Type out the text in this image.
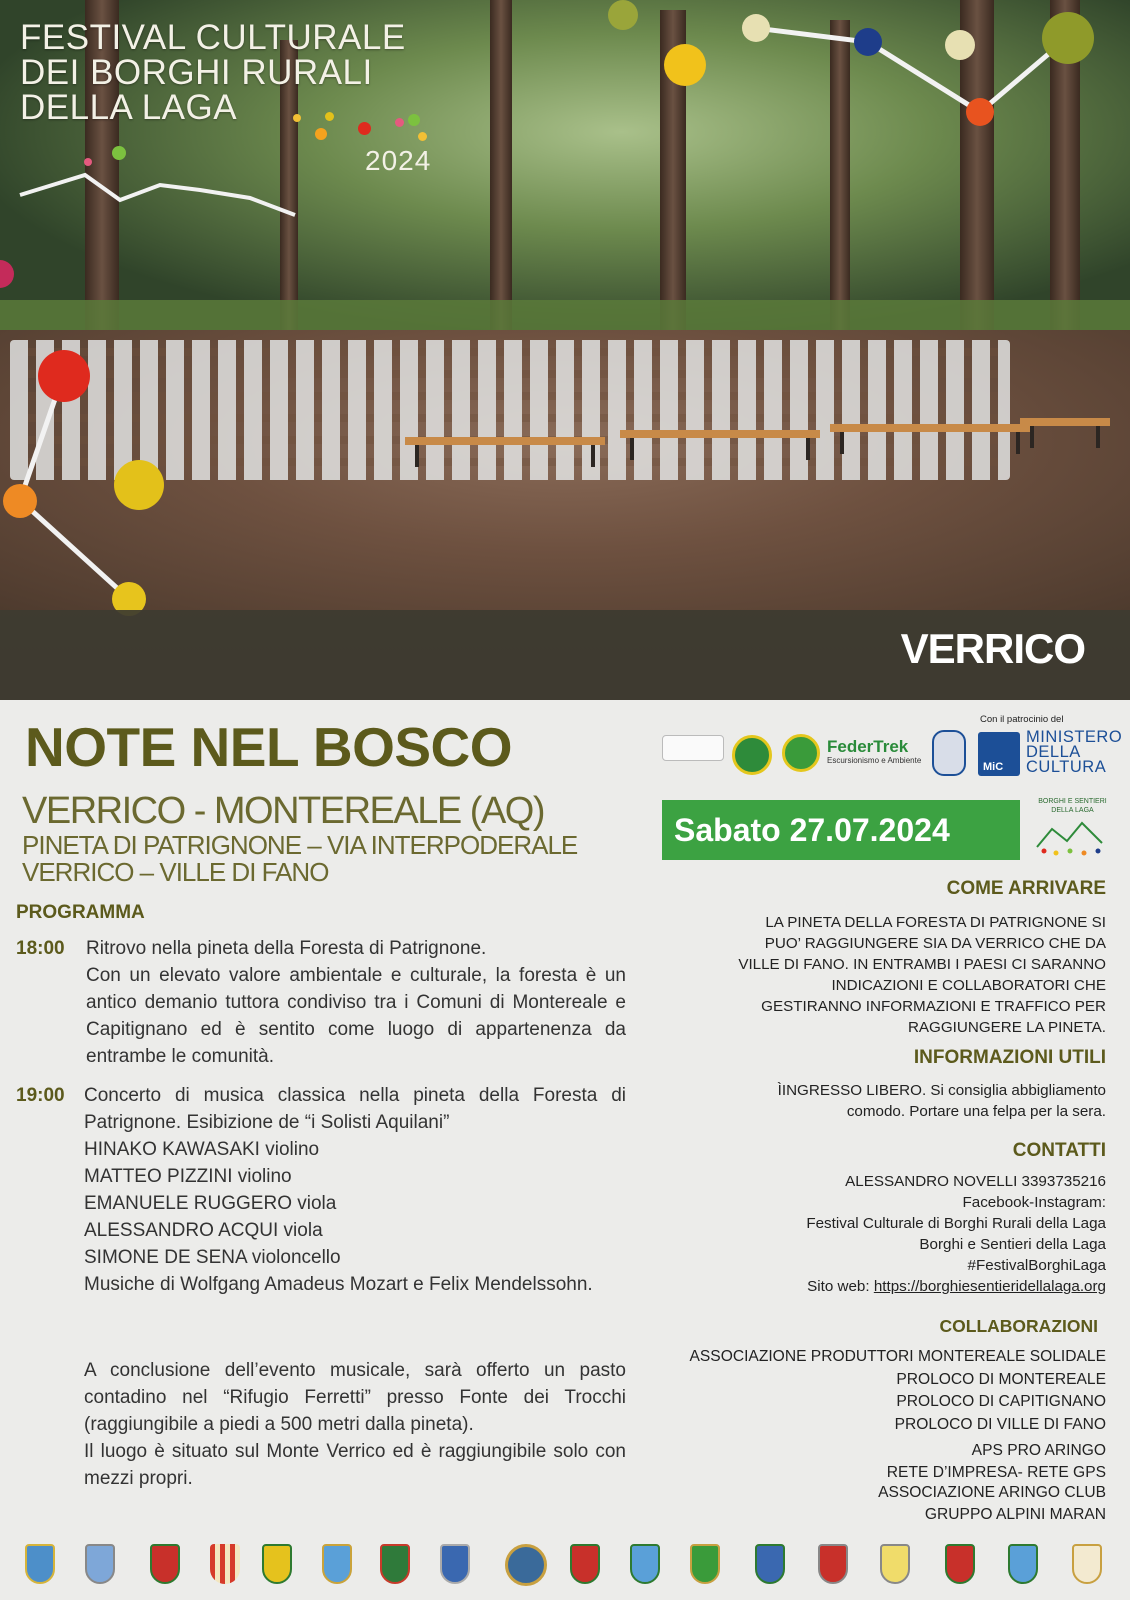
FESTIVAL CULTURALE
DEI BORGHI RURALI
DELLA LAGA
2024
VERRICO
NOTE NEL BOSCO
VERRICO - MONTEREALE (AQ)
PINETA DI PATRIGNONE – VIA INTERPODERALE
VERRICO – VILLE DI FANO
PROGRAMMA
18:00 Ritrovo nella pineta della Foresta di Patrignone.
Con un elevato valore ambientale e culturale, la foresta è un antico demanio tuttora condiviso tra i Comuni di Montereale e Capitignano ed è sentito come luogo di appartenenza da entrambe le comunità.
19:00 Concerto di musica classica nella pineta della Foresta di Patrignone. Esibizione de “i Solisti Aquilani”
HINAKO KAWASAKI violino
MATTEO PIZZINI violino
EMANUELE RUGGERO viola
ALESSANDRO ACQUI viola
SIMONE DE SENA violoncello
Musiche di Wolfgang Amadeus Mozart e Felix Mendelssohn.
A conclusione dell’evento musicale, sarà offerto un pasto contadino nel “Rifugio Ferretti” presso Fonte dei Trocchi (raggiungibile a piedi a 500 metri dalla pineta).
Il luogo è situato sul Monte Verrico ed è raggiungibile solo con mezzi propri.
FederTrek
Escursionismo e Ambiente
Con il patrocinio del
MiC
MINISTERO
DELLA
CULTURA
Sabato 27.07.2024
BORGHI E SENTIERI DELLA LAGA
COME ARRIVARE
LA PINETA DELLA FORESTA DI PATRIGNONE SI
PUO’ RAGGIUNGERE SIA DA VERRICO CHE DA
VILLE DI FANO. IN ENTRAMBI I PAESI CI SARANNO
INDICAZIONI E COLLABORATORI CHE
GESTIRANNO INFORMAZIONI E TRAFFICO PER
RAGGIUNGERE LA PINETA.
INFORMAZIONI UTILI
ÌINGRESSO LIBERO. Si consiglia abbigliamento
comodo. Portare una felpa per la sera.
CONTATTI
ALESSANDRO NOVELLI 3393735216
Facebook-Instagram:
Festival Culturale di Borghi Rurali della Laga
Borghi e Sentieri della Laga
#FestivalBorghiLaga
Sito web: https://borghiesentieridellalaga.org
COLLABORAZIONI
ASSOCIAZIONE PRODUTTORI MONTEREALE SOLIDALE
PROLOCO DI MONTEREALE
PROLOCO DI CAPITIGNANO
PROLOCO DI VILLE DI FANO
APS PRO ARINGO
RETE D’IMPRESA- RETE GPS
ASSOCIAZIONE ARINGO CLUB
GRUPPO ALPINI MARAN
